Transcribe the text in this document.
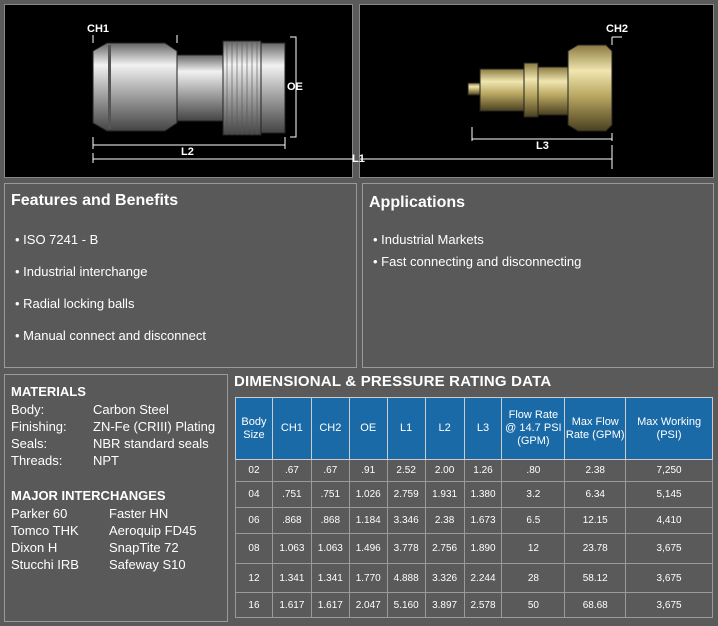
CH1
OE
L2
CH2
L3
L1
Features and Benefits
• ISO 7241 - B
• Industrial interchange
• Radial locking balls
• Manual connect and disconnect
Applications
• Industrial Markets
• Fast connecting and disconnecting
MATERIALS
Body:	Carbon Steel
Finishing:	ZN-Fe (CRIII) Plating
Seals:	NBR standard seals
Threads:	NPT
MAJOR INTERCHANGES
Parker 60	Faster HN
Tomco THK	Aeroquip FD45
Dixon H	SnapTite 72
Stucchi IRB	Safeway S10
DIMENSIONAL & PRESSURE RATING DATA
Body Size	CH1	CH2	OE	L1	L2	L3	Flow Rate @ 14.7 PSI (GPM)	Max Flow Rate (GPM)	Max Working (PSI)
02	.67	.67	.91	2.52	2.00	1.26	.80	2.38	7,250
04	.751	.751	1.026	2.759	1.931	1.380	3.2	6.34	5,145
06	.868	.868	1.184	3.346	2.38	1.673	6.5	12.15	4,410
08	1.063	1.063	1.496	3.778	2.756	1.890	12	23.78	3,675
12	1.341	1.341	1.770	4.888	3.326	2.244	28	58.12	3,675
16	1.617	1.617	2.047	5.160	3.897	2.578	50	68.68	3,675
